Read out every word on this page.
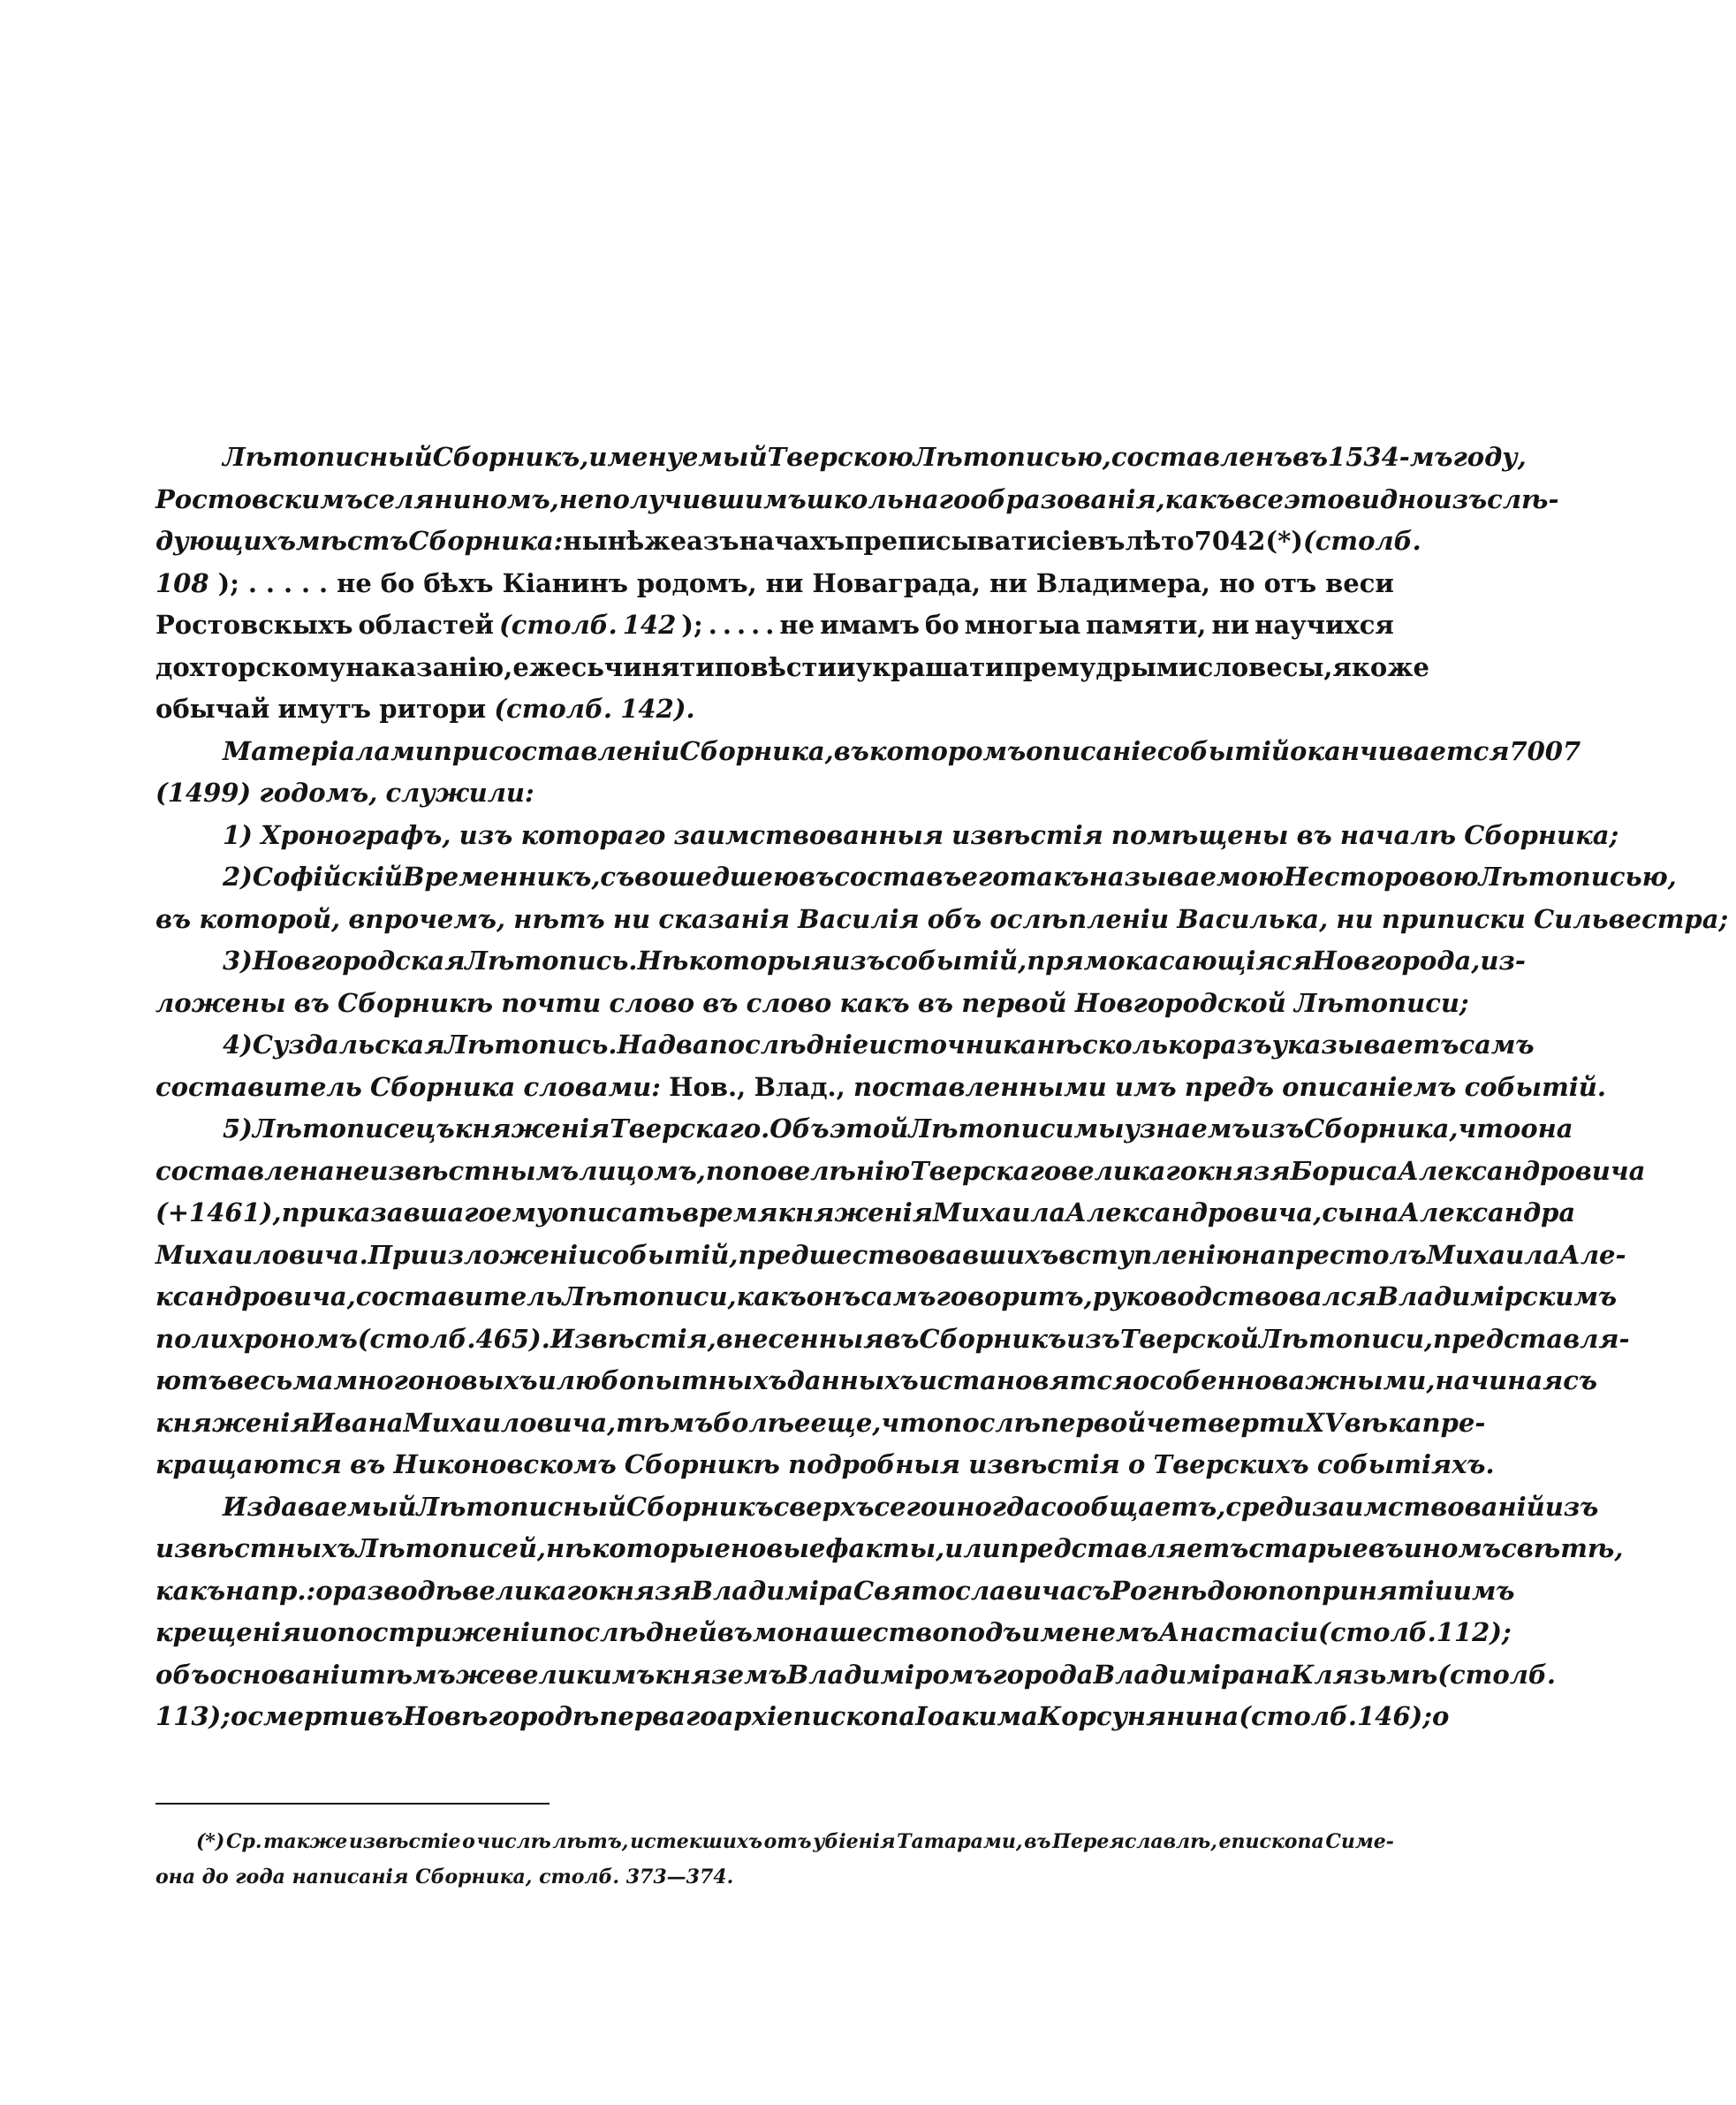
Лѣтописный Сборникъ, именуемый Тверскою Лѣтописью, составленъ въ 1534-мъ году,
Ростовскимъ селяниномъ, не получившимъ школьнаго образованія, какъ все это видно изъ слѣ-
дующихъ мѣстъ Сборника: нынѣ же азъ начахъ преписывати сіе въ лѣто 7042 (*) (столб.
108 ); . . . . . не бо бѣхъ Кіанинъ родомъ, ни Новаграда, ни Владимера, но отъ веси
Ростовскыхъ областей (столб. 142 ); . . . . . не имамъ бо многыа памяти, ни научихся
дохторскому наказанію, еже сьчиняти повѣсти и украшати премудрыми словесы, якоже
обычай
имутъ
ритори
(столб.
142).

Матеріалами при составленіи Сборника, въ которомъ описаніе событій оканчивается 7007
(1499)
годомъ,
служили:

1)
Хронографъ,
изъ
котораго
заимствованныя
извѣстія
помѣщены
въ
началѣ
Сборника;

2) Софійскій Временникъ, съ вошедшею въ составъ его такъ называемою Несторовою Лѣтописью,
въ
которой,
впрочемъ,
нѣтъ
ни
сказанія
Василія
объ
ослѣпленіи
Василька,
ни
приписки
Сильвестра;

3) Новгородская Лѣтопись. Нѣкоторыя изъ событій, прямо касающіяся Новгорода, из-
ложены
въ
Сборникѣ
почти
слово
въ
слово
какъ
въ
первой
Новгородской
Лѣтописи;

4) Суздальская Лѣтопись. На два послѣдніе источника нѣсколько разъ указываетъ самъ
составитель
Сборника
словами:
Нов.,
Влад.,
поставленными
имъ
предъ
описаніемъ
событій.

5) Лѣтописецъ княженія Тверскаго. Объ этой Лѣтописи мы узнаемъ изъ Сборника, что она
составлена неизвѣстнымъ лицомъ, по повелѣнію Тверскаго великаго князя Бориса Александровича
(+ 1461), приказавшаго ему описать время княженія Михаила Александровича, сына Александра
Михаиловича. При изложеніи событій, предшествовавшихъ вступленію на престолъ Михаила Але-
ксандровича, составитель Лѣтописи, какъ онъ самъ говоритъ, руководствовался Владимірскимъ
полихрономъ (столб. 465). Извѣстія, внесенныя въ Сборникъ изъ Тверской Лѣтописи, представля-
ютъ весьма много новыхъ и любопытныхъ данныхъ и становятся особенно важными, начиная съ
княженія Ивана Михаиловича, тѣмъ болѣе еще, что послѣ первой четверти XV вѣка пре-
кращаются
въ
Никоновскомъ
Сборникѣ
подробныя
извѣстія
о
Тверскихъ
событіяхъ.

Издаваемый Лѣтописный Сборникъ сверхъ сего иногда сообщаетъ, среди заимствованій изъ
извѣстныхъ Лѣтописей, нѣкоторые новые факты, или представляетъ старые въ иномъ свѣтѣ,
какъ напр.: о разводѣ великаго князя Владиміра Святославича съ Рогнѣдою по принятіи имъ
крещенія и о постриженіи послѣдней въ монашество подъ именемъ Анастасіи (столб. 112);
объ основаніи тѣмъ же великимъ княземъ Владиміромъ города Владиміра на Клязьмѣ (столб.
113); о смерти въ Новѣгородѣ перваго архіепископа Іоакима Корсунянина (столб. 146); о
(*) Ср. также извѣстіе о числѣ лѣтъ, истекшихъ отъ убіенія Татарами, въ Переяславлѣ, епископа Симе-
она
до
года
написанія
Сборника,
столб.
373—374.
